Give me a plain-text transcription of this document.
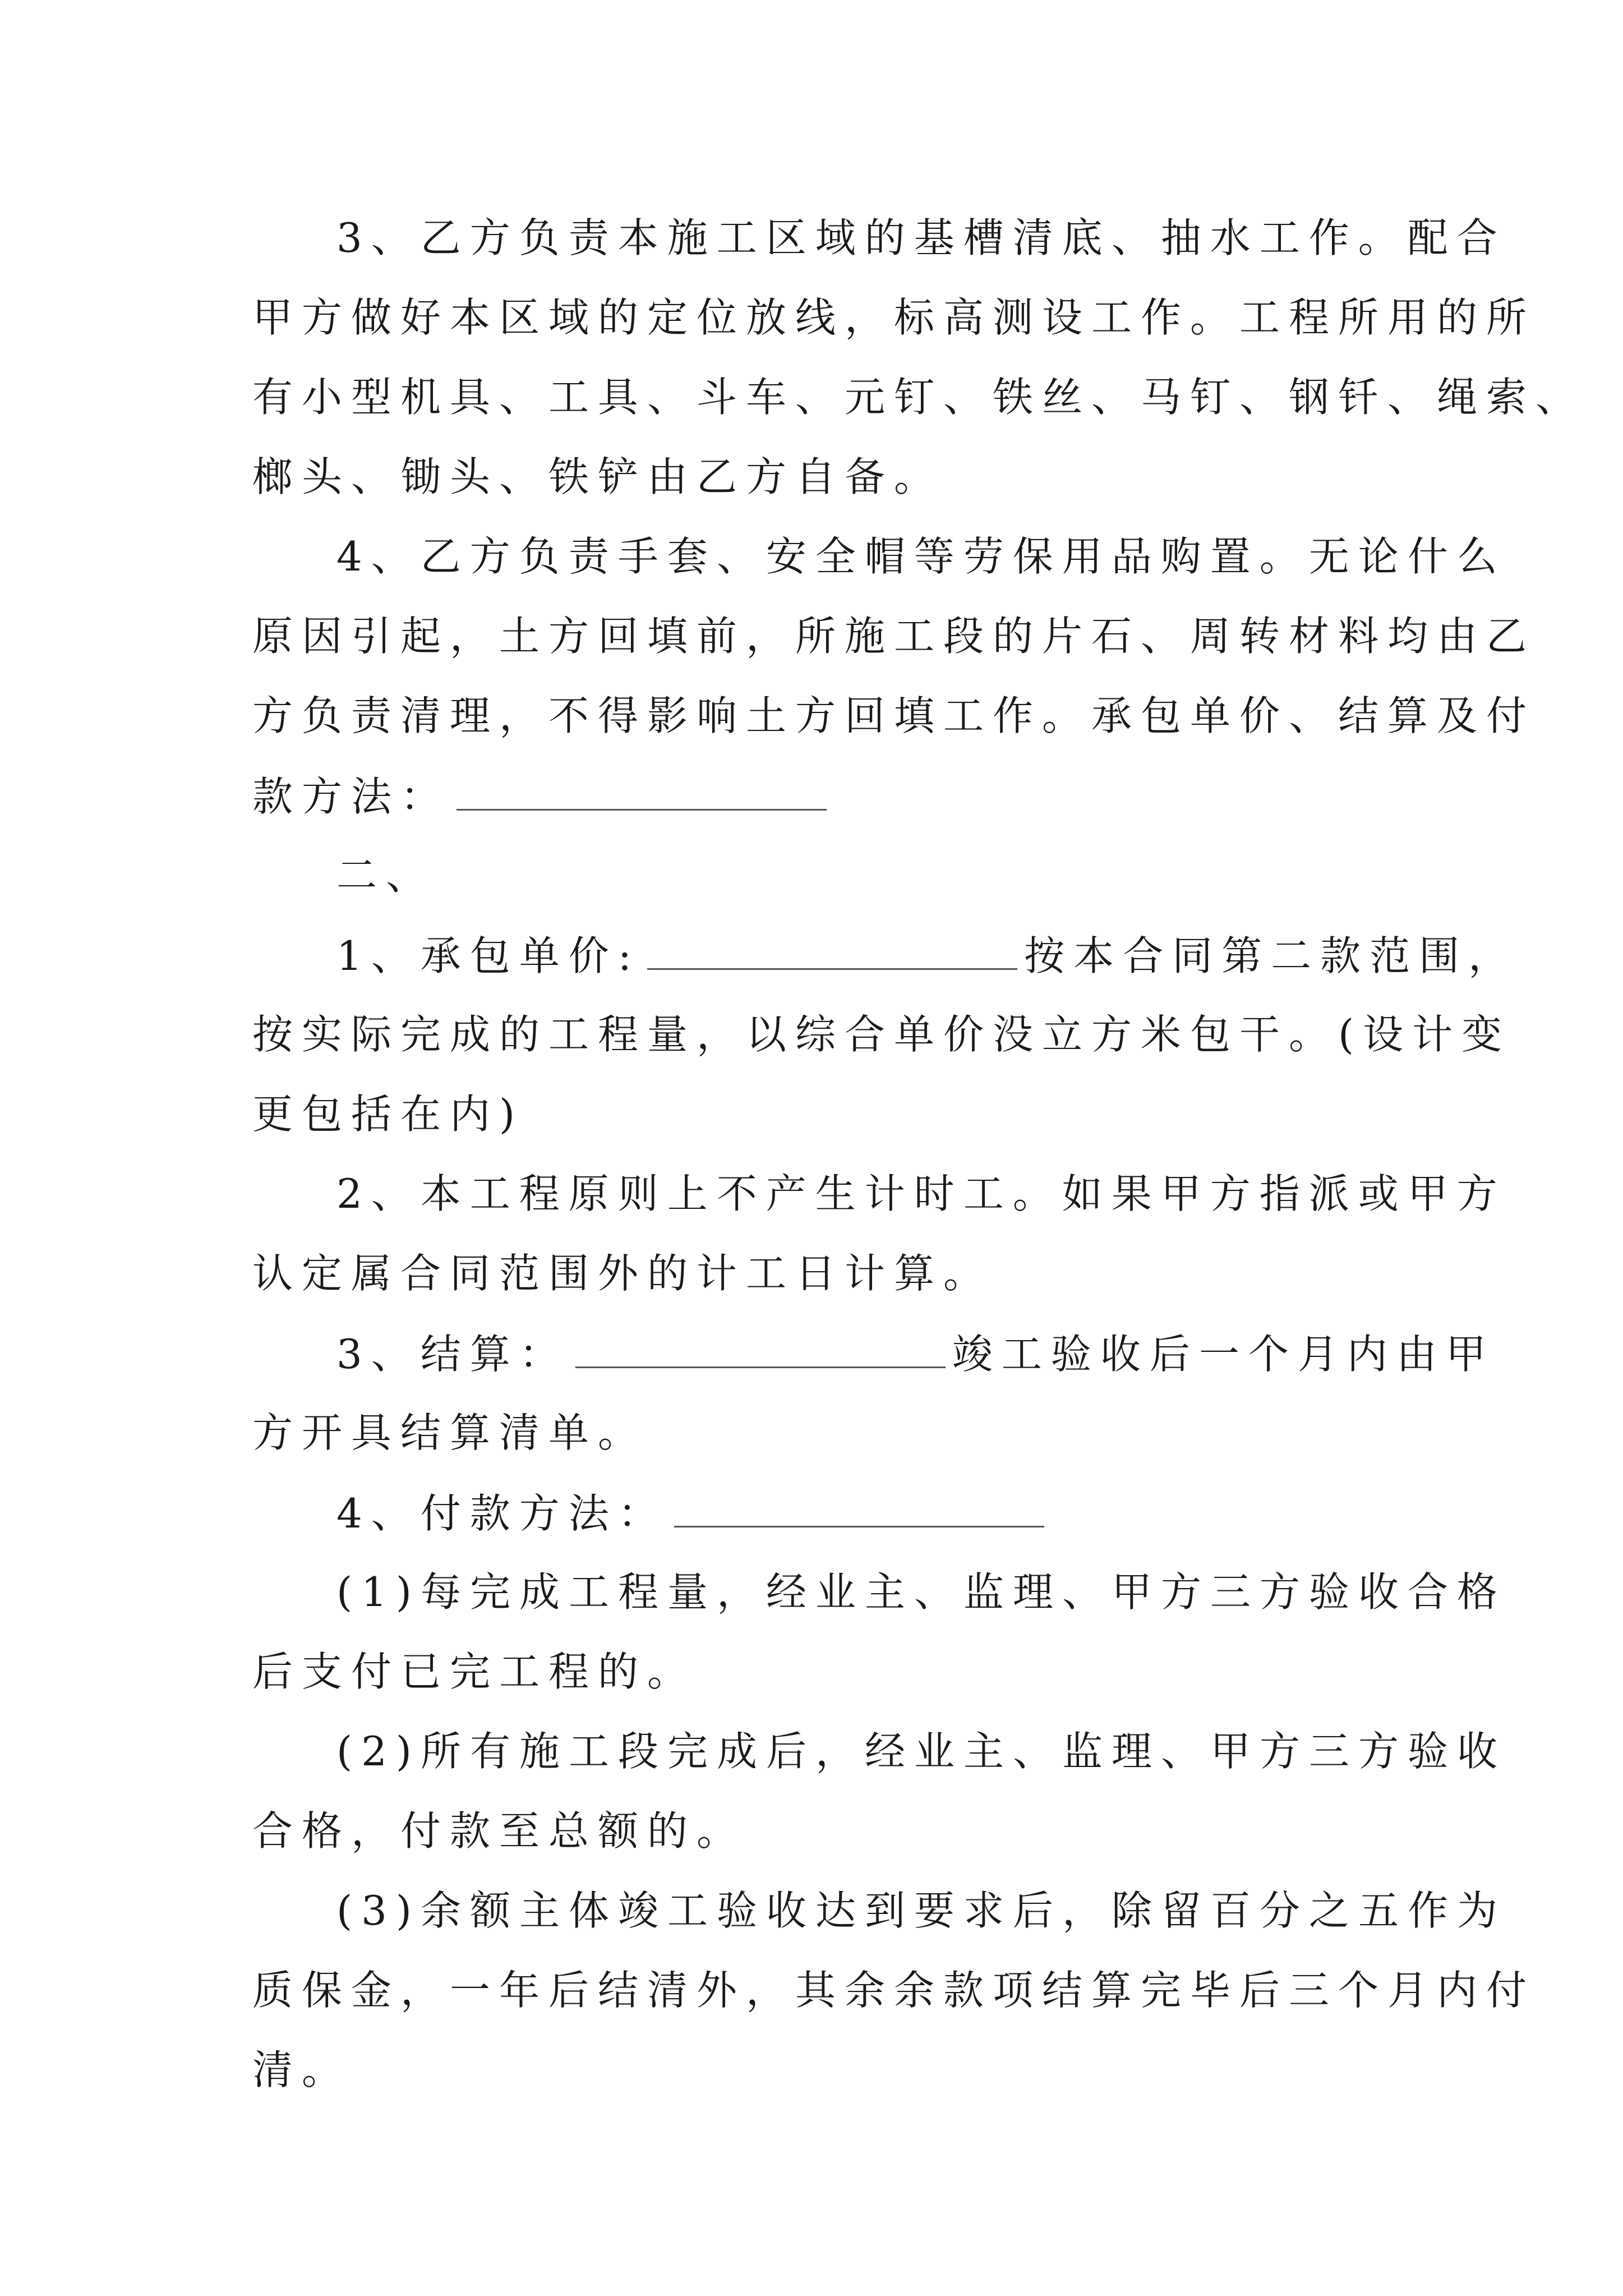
3、乙方负责本施工区域的基槽清底、抽水工作。配合
甲方做好本区域的定位放线，标高测设工作。工程所用的所
有小型机具、工具、斗车、元钉、铁丝、马钉、钢钎、绳索、
榔头、锄头、铁铲由乙方自备。
4、乙方负责手套、安全帽等劳保用品购置。无论什么
原因引起，土方回填前，所施工段的片石、周转材料均由乙
方负责清理，不得影响土方回填工作。承包单价、结算及付
款方法：
二、
1、承包单价:	按本合同第二款范围，
按实际完成的工程量，以综合单价没立方米包干。(设计变
更包括在内)
2、本工程原则上不产生计时工。如果甲方指派或甲方
认定属合同范围外的计工日计算。
3、结算：	竣工验收后一个月内由甲
方开具结算清单。
4、付款方法：
(1)每完成工程量，经业主、监理、甲方三方验收合格
后支付已完工程的。
(2)所有施工段完成后，经业主、监理、甲方三方验收
合格，付款至总额的。
(3)余额主体竣工验收达到要求后，除留百分之五作为
质保金，一年后结清外，其余余款项结算完毕后三个月内付
清。
